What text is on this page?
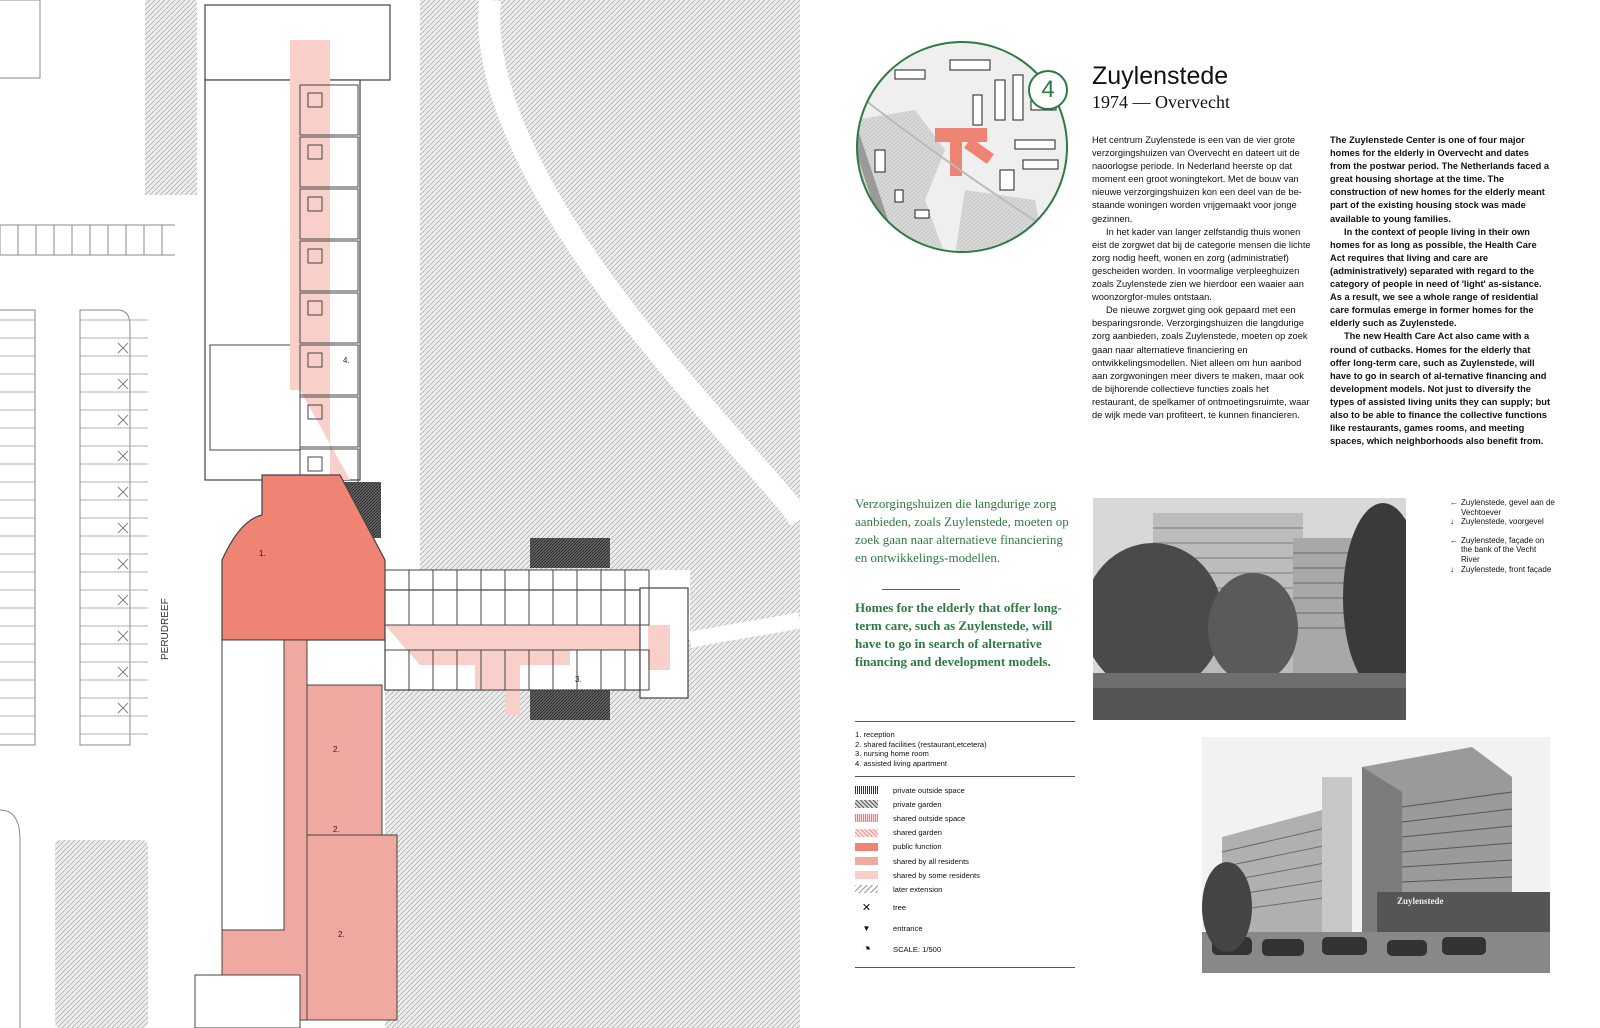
1.
2.
2.
2.
3.
4.
PERUDREEF
4	Zuylenstede
1974 — Overvecht

Het centrum Zuylenstede is een van de vier grote verzorgingshuizen van Overvecht en dateert uit de naoorlogse periode. In Nederland heerste op dat moment een groot woningtekort. Met de bouw van nieuwe verzorgingshuizen kon een deel van de be-staande woningen worden vrijgemaakt voor jonge gezinnen.

In het kader van langer zelfstandig thuis wonen eist de zorgwet dat bij de categorie mensen die lichte zorg nodig heeft, wonen en zorg (administratief) gescheiden worden. In voormalige verpleeghuizen zoals Zuylenstede zien we hierdoor een waaier aan woonzorgfor-mules ontstaan.

De nieuwe zorgwet ging ook gepaard met een besparingsronde. Verzorgingshuizen die langdurige zorg aanbieden, zoals Zuylenstede, moeten op zoek gaan naar alternatieve financiering en ontwikkelingsmodellen. Niet alleen om hun aanbod aan zorgwoningen meer divers te maken, maar ook de bijhorende collectieve functies zoals het restaurant, de spelkamer of ontmoetingsruimte, waar de wijk mede van profiteert, te kunnen financieren.

The Zuylenstede Center is one of four major homes for the elderly in Overvecht and dates from the postwar period. The Netherlands faced a great housing shortage at the time. The construction of new homes for the elderly meant part of the existing housing stock was made available to young families.

In the context of people living in their own homes for as long as possible, the Health Care Act requires that living and care are (administratively) separated with regard to the category of people in need of 'light' as-sistance. As a result, we see a whole range of residential care formulas emerge in former homes for the elderly such as Zuylenstede.

The new Health Care Act also came with a round of cutbacks. Homes for the elderly that offer long-term care, such as Zuylenstede, will have to go in search of al-ternative financing and development models. Not just to diversify the types of assisted living units they can supply; but also to be able to finance the collective functions like restaurants, games rooms, and meeting spaces, which neighborhoods also benefit from.

Verzorgingshuizen die langdurige zorg aanbieden, zoals Zuylenstede, moeten op zoek gaan naar alternatieve financiering en ontwikkelings-modellen.
Homes for the elderly that offer long-term care, such as Zuylenstede, will have to go in search of alternative financing and development models.
Zuylenstede
← Zuylenstede, gevel aan de Vechtoever
↓ Zuylenstede, voorgevel
← Zuylenstede, façade on the bank of the Vecht River
↓ Zuylenstede, front façade
1. reception
2. shared facilities (restaurant,etcetera)
3. nursing home room
4. assisted living apartment
private outside space
private garden
shared outside space
shared garden
public function
shared by all residents
shared by some residents
later extension
✕	tree
▼	entrance
◔	SCALE: 1/500
